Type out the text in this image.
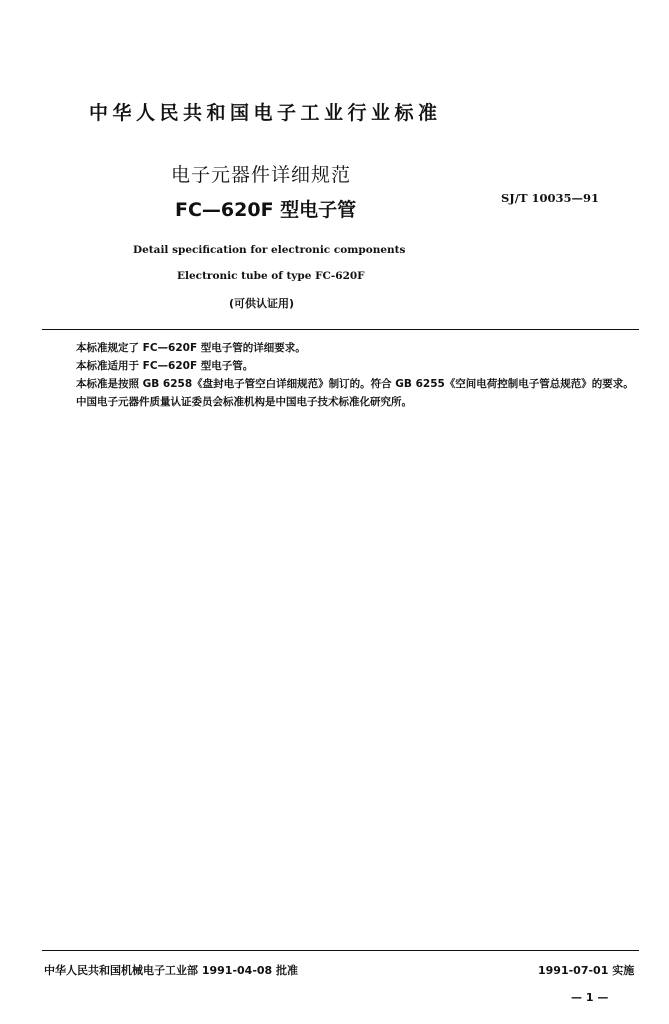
中华人民共和国电子工业行业标准
电子元器件详细规范
FC—620F 型电子管
SJ/T 10035—91
Detail specification for electronic components
Electronic tube of type FC-620F
(可供认证用)

本标准规定了 FC—620F 型电子管的详细要求。

本标准适用于 FC—620F 型电子管。

本标准是按照 GB 6258《盘封电子管空白详细规范》制订的。符合 GB 6255《空间电荷控制电子管总规范》的要求。

中国电子元器件质量认证委员会标准机构是中国电子技术标准化研究所。

中华人民共和国机械电子工业部 1991-04-08 批准	1991-07-01 实施
— 1 —
